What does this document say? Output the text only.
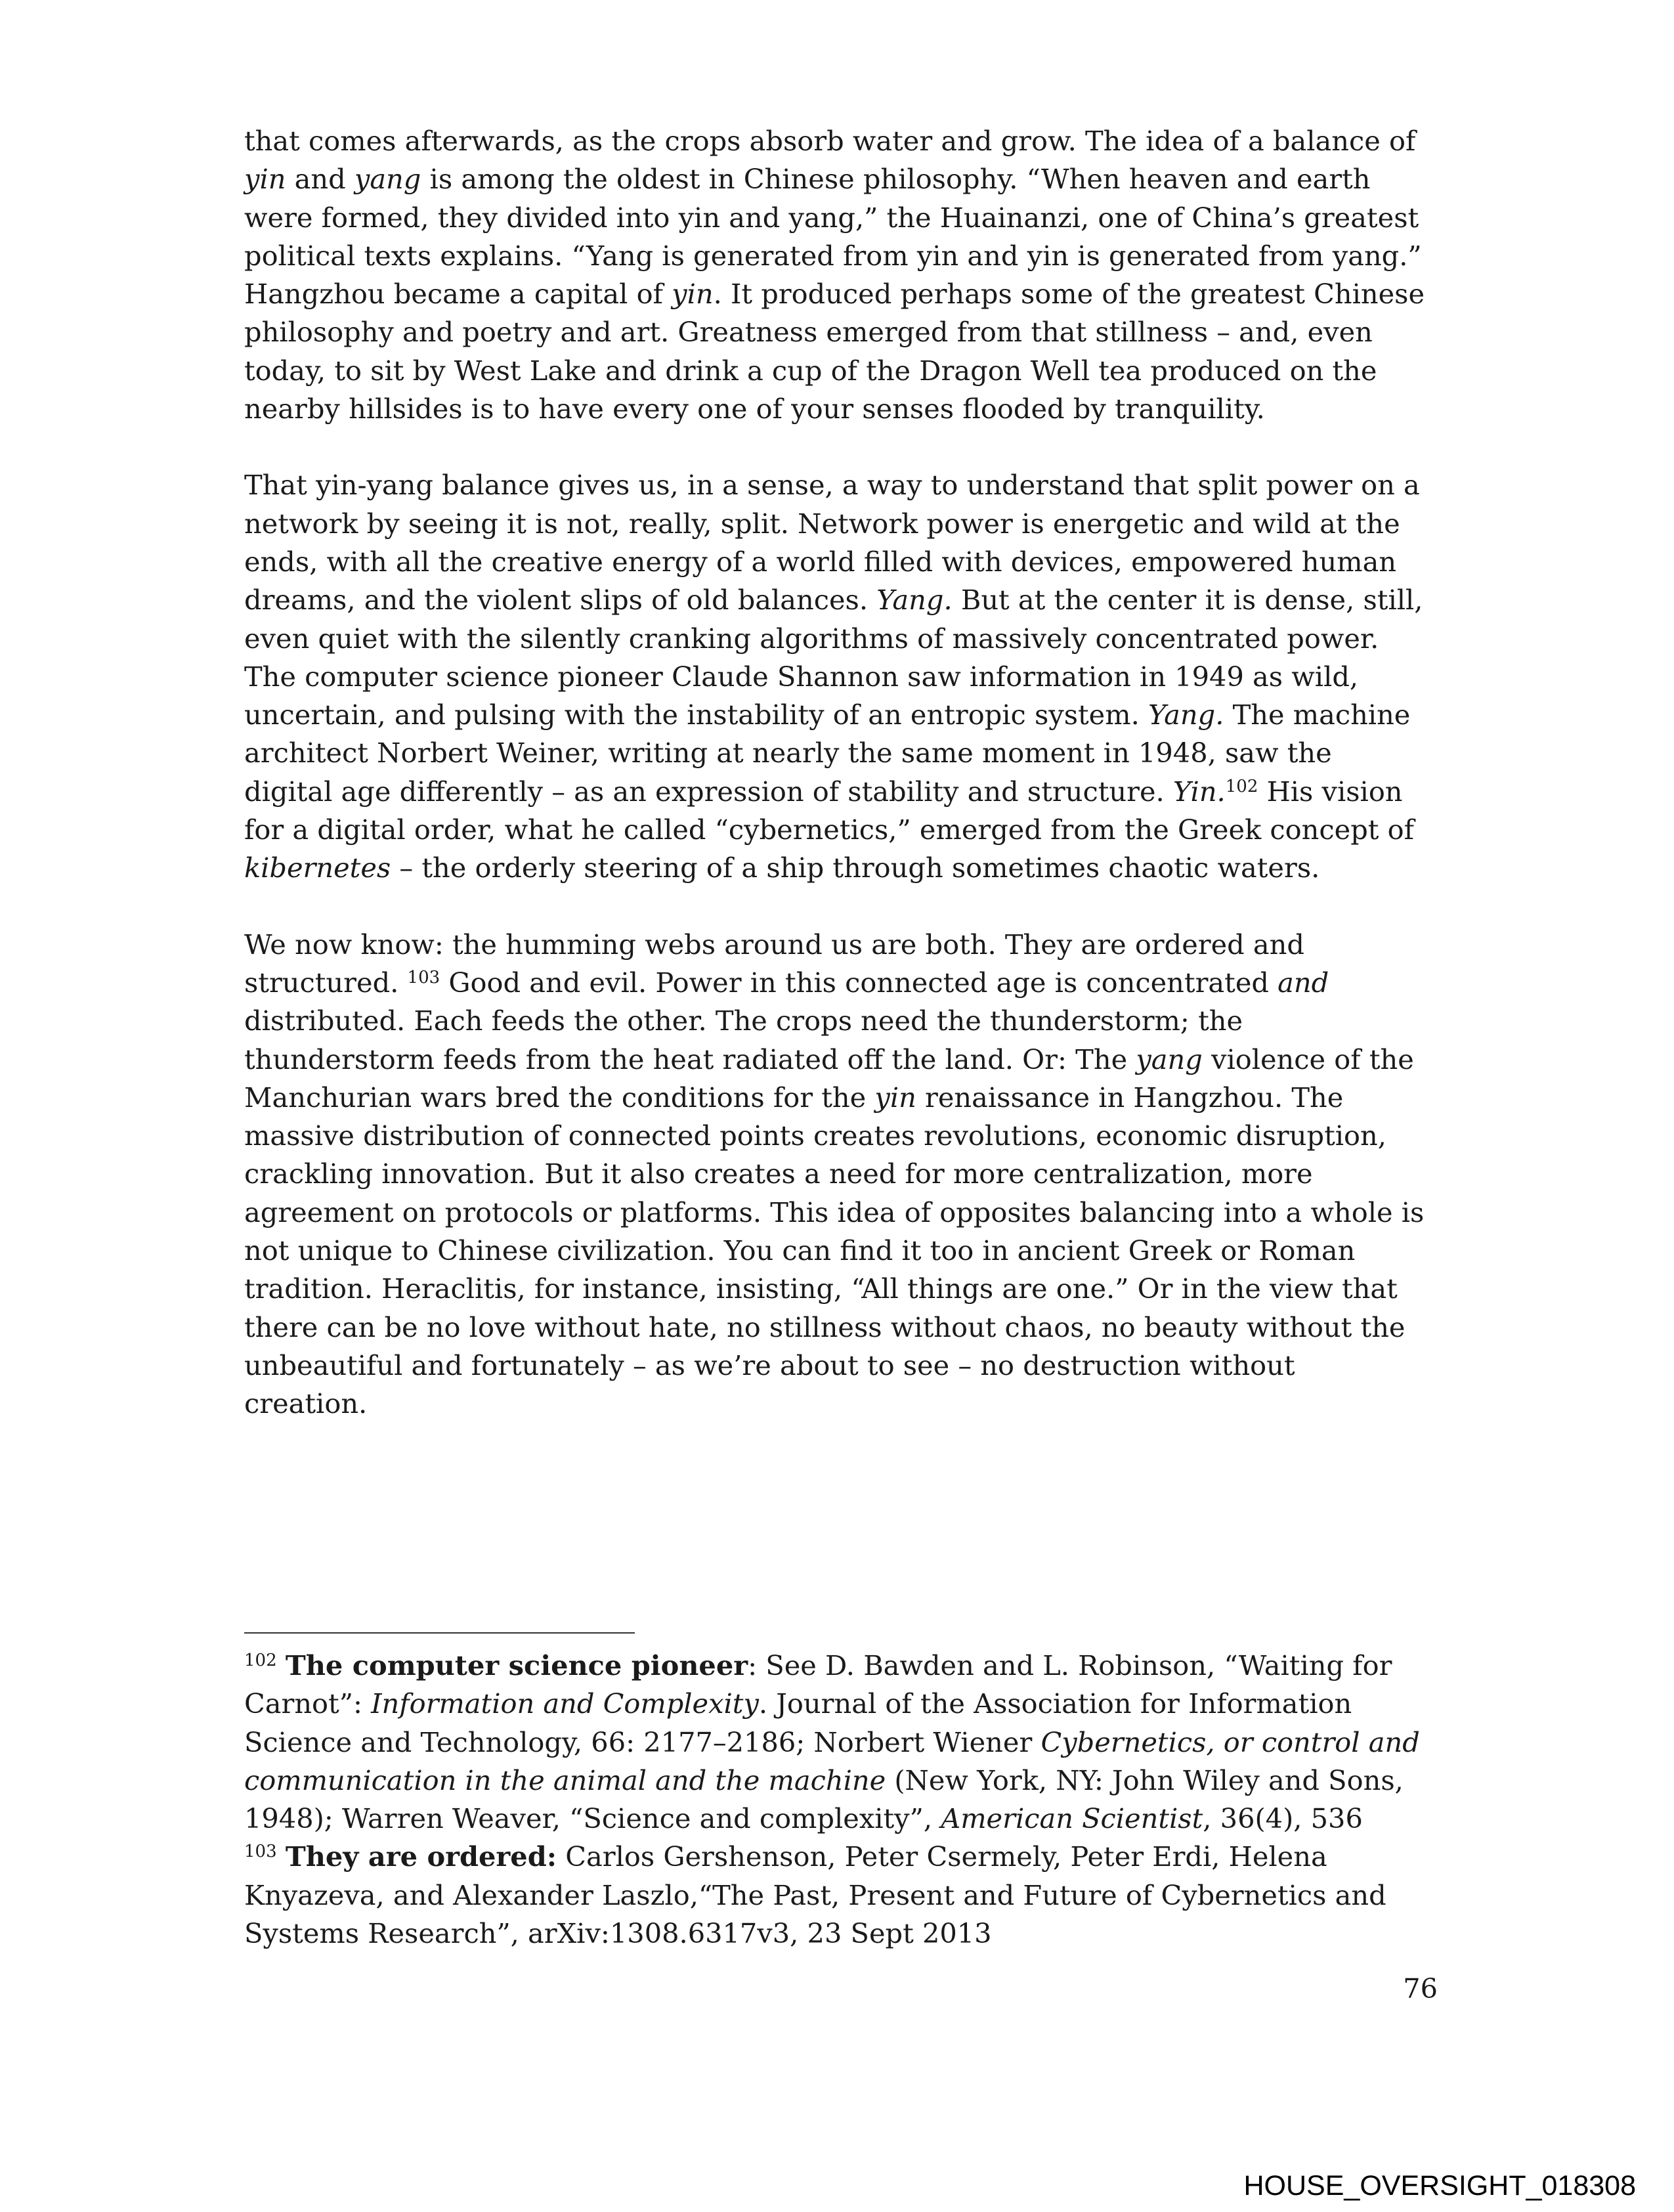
that comes afterwards, as the crops absorb water and grow. The idea of a balance of yin and yang is among the oldest in Chinese philosophy. “When heaven and earth were formed, they divided into yin and yang,” the Huainanzi, one of China’s greatest political texts explains. “Yang is generated from yin and yin is generated from yang.” Hangzhou became a capital of yin. It produced perhaps some of the greatest Chinese philosophy and poetry and art. Greatness emerged from that stillness – and, even today, to sit by West Lake and drink a cup of the Dragon Well tea produced on the nearby hillsides is to have every one of your senses flooded by tranquility.

That yin-yang balance gives us, in a sense, a way to understand that split power on a network by seeing it is not, really, split. Network power is energetic and wild at the ends, with all the creative energy of a world filled with devices, empowered human dreams, and the violent slips of old balances. Yang. But at the center it is dense, still, even quiet with the silently cranking algorithms of massively concentrated power. The computer science pioneer Claude Shannon saw information in 1949 as wild, uncertain, and pulsing with the instability of an entropic system. Yang. The machine architect Norbert Weiner, writing at nearly the same moment in 1948, saw the digital age differently – as an expression of stability and structure. Yin.$^{102}$ His vision for a digital order, what he called “cybernetics,” emerged from the Greek concept of kibernetes – the orderly steering of a ship through sometimes chaotic waters.

We now know: the humming webs around us are both. They are ordered and structured. $^{103}$ Good and evil. Power in this connected age is concentrated and distributed. Each feeds the other. The crops need the thunderstorm; the thunderstorm feeds from the heat radiated off the land. Or: The yang violence of the Manchurian wars bred the conditions for the yin renaissance in Hangzhou. The massive distribution of connected points creates revolutions, economic disruption, crackling innovation. But it also creates a need for more centralization, more agreement on protocols or platforms. This idea of opposites balancing into a whole is not unique to Chinese civilization. You can find it too in ancient Greek or Roman tradition. Heraclitis, for instance, insisting, “All things are one.” Or in the view that there can be no love without hate, no stillness without chaos, no beauty without the unbeautiful and fortunately – as we’re about to see – no destruction without creation.

$^{102}$ The computer science pioneer: See D. Bawden and L. Robinson, “Waiting for Carnot”: Information and Complexity. Journal of the Association for Information Science and Technology, 66: 2177–2186; Norbert Wiener Cybernetics, or control and communication in the animal and the machine (New York, NY: John Wiley and Sons, 1948); Warren Weaver, “Science and complexity”, American Scientist, 36(4), 536

$^{103}$ They are ordered: Carlos Gershenson, Peter Csermely, Peter Erdi, Helena Knyazeva, and Alexander Laszlo,“The Past, Present and Future of Cybernetics and Systems Research”, arXiv:1308.6317v3, 23 Sept 2013

76
HOUSE_OVERSIGHT_018308
